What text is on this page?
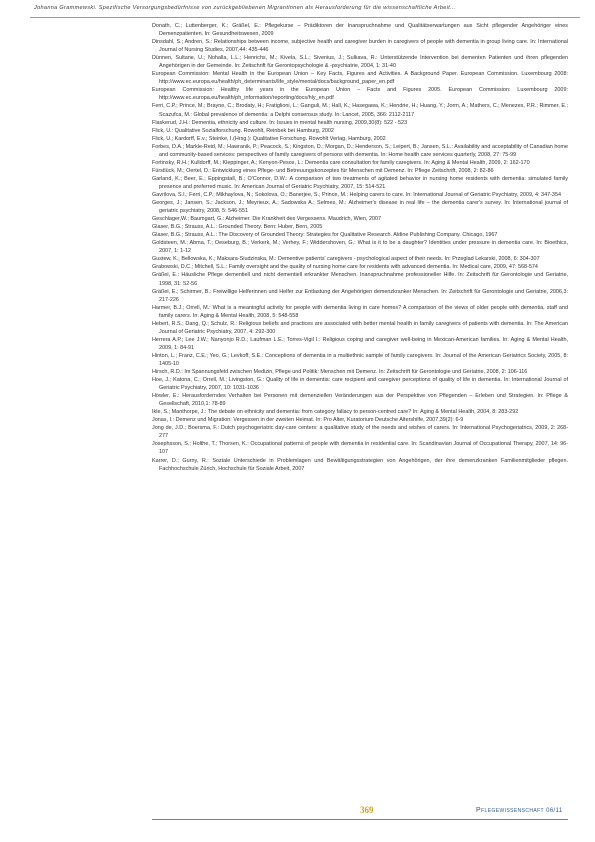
Johanna Grammewski. Spezifische Versorgungsbedürfnisse von zurückgebliebenen Migrantinnen als Herausforderung für die wissenschaftliche Arbeit...

Donath, C.; Luttenberger, K.; Gräßel, E.: Pflegekurse – Prädiktoren der Inanspruchnahme und Qualitätserwartungen aus Sicht pflegender Angehöriger eines Demenzpatienten. In: Gesundheitswesen, 2009

Dinsdahl, S.; Andren, S.: Relationships between income, subjective health and caregiver burden in caregivers of people with dementia in group living care. In: International Journal of Nursing Studies, 2007,44: 435-446

Dünnen, Sultane, U.; Nohalla, L.L.; Henrichs, M.; Kivela, S.L.; Sivenius, J.; Sulkava, R.: Unterstützende Intervention bei dementen Patienten und ihren pflegenden Angehörigen in der Gemeinde. In: Zeitschrift für Gerontopsychologie & -psychiatrie, 2004, 1: 31-40

European Commission: Mental Health in the European Union – Key Facts, Figures and Activities. A Background Paper. European Commission. Luxembourg 2008: http://www.ec.europa.eu/health/ph_determinants/life_style/mental/docs/background_paper_en.pdf

European Commission: Healthy life years in the European Union – Facts and Figures 2005. European Commission: Luxembourg 2009: http://www.ec.europa.eu/health/ph_information/reporting/docs/hly_en.pdf

Ferri, C.P.; Prince, M.; Brayne, C.; Brodaty, H.; Fratiglioni, L.; Ganguli, M.; Hall, K.; Hasegawa, K.; Hendrie, H.; Huang, Y.; Jorm, A.; Mathers, C.; Menezes, P.R.; Rimmer, E.; Scazufca, M.: Global prevalence of dementia: a Delphi consensus study. In: Lancet, 2005, 366: 2112-2117

Flaskerud, J.H.: Dementia, ethnicity and culture. In: Issues in mental health nursing, 2009,30(8): 522 - 523

Flick, U.: Qualitative Sozialforschung. Rowohlt, Reinbek bei Hamburg, 2002

Flick, U.; Kardorff, E.v.; Steinke, I.(Hrsg.): Qualitative Forschung. Rowohlt Verlag, Hamburg, 2002

Forbes, D.A.; Markle-Reid, M.; Hawranik, P.; Peacock, S.; Kingston, D.; Morgan, D.; Henderson, S.; Leipert, B.; Jansen, S.L.: Availability and acceptability of Canadian home and community-based services: perspectives of family caregivers of persons with dementia. In: Home health care services quarterly, 2008, 27: 75-99

Fortinsky, R.H.; Kulldorff, M.; Kleppinger, A.; Kenyon-Pesce, L.: Dementia care consultation for family caregivers. In: Aging & Mental Health, 2009, 2: 162-170

Fürstlück, M.; Oertel, D.: Entwicklung eines Pflege- und Betreuungskonzeptes für Menschen mit Demenz. In: Pflege Zeitschrift, 2008, 2: 82-86

Garland, K.; Beer, E.; Eppingstall, B.; O'Connor, D.W.: A comparison of two treatments of agitated behavior in nursing home residents with dementia: simulated family presence and preferred music. In: American Journal of Geriatric Psychiatry, 2007, 15: 514-521

Gavrilova, S.I.; Ferri, C.P.; Mikhaylova, N.; Sokolova, O.; Banerjee, S.; Prince, M.: Helping carers to care. In: International Journal of Geriatric Psychiatry, 2009, 4: 347-354

Georges, J.; Jansen, S.; Jackson, J.; Meyrieux, A.; Sadowska A.; Selmes, M.: Alzheimer's disease in real life – the dementia carer's survey. In: International journal of geriatric psychiatry, 2008, 5: 546-551

Geschlager,W.; Baumgart, G.: Alzheimer. Die Krankheit des Vergessens. Maudrich, Wien, 2007

Glaser, B.G.; Strauss, A.L.: Grounded Theory. Bern: Huber, Bern, 2005

Glaser, B.G.; Strauss, A.L.: The Discovery of Grounded Theory: Strategies for Qualitative Research. Aldine Publishing Company. Chicago, 1967

Goldsteen, M.; Abma, T.; Oeseburg, B.; Verkerk, M.; Verhey, F.; Widdershoven, G.: What is it to be a daughter? Identities under pressure in dementia care. In: Bioethics, 2007, 1: 1-12

Gustew, K.; Bellowska, K.; Maksara-Siudzinska, M.: Dementive patients' caregivers - psychological aspect of their needs. In: Przeglad Lekarski, 2008, 6: 304-307

Grabowski, D.C.; Mitchell, S.L.: Family oversight and the quality of nursing home care for residents with advanced dementia. In: Medical care, 2009, 47: 568-574

Gräßel, E.: Häusliche Pflege dementiell und nicht dementiell erkrankter Menschen. Inanspruchnahme professioneller Hilfe. In: Zeitschrift für Gerontologie und Geriatrie, 1998, 31: 52-56

Gräßel, E.; Schirmer, B.: Freiwillige Helferinnen und Helfer zur Entlastung der Angehörigen demenzkranker Menschen. In: Zeitschrift für Gerontologie und Geriatrie, 2006,3: 217-226

Harmer, B.J.; Orrell, M.: What is a meaningful activity for people with dementia living in care homes? A comparison of the views of older people with dementia, staff and family carers. In: Aging & Mental Health, 2008, 5: 548-558

Hebert, R.S.; Dang, Q.; Schulz, R.: Religious beliefs and practices are associated with better mental health in family caregivers of patients with dementia. In: The American Journal of Geriatric Psychiatry, 2007, 4: 292-300

Herrera A.P.; Lee J.W.; Nanyonjo R.D.; Laufman L.E.; Torres-Vigil I.: Religious coping and caregiver well-being in Mexican-American families. In: Aging & Mental Health, 2009, 1: 84-91

Hinton, L.; Franz, C.E.; Yeo, G.; Levkoff, S.E.: Conceptions of dementia in a multiethnic sample of family caregivers. In: Journal of the American Geriatrics Society, 2005, 8: 1405-10

Hirsch, R.D.: Im Spannungsfeld zwischen Medizin, Pflege und Politik: Menschen mit Demenz. In: Zeitschrift für Gerontologie und Geriatrie, 2008, 2: 106-116

Hoe, J.; Katona, C.; Orrell, M.; Livingston, G.: Quality of life in dementia: care recipient and caregiver perceptions of quality of life in dementia. In: International Journal of Geriatric Psychiatry, 2007, 10: 1031-1036

Höwler, E.: Herausforderndes Verhalten bei Personen mit demenziellen Veränderungen aus der Perspektive von Pflegenden – Erleben und Strategien. In: Pflege & Gesellschaft, 2010,1: 78-89

Ikle, S.; Manthorpe, J.: The debate on ethnicity and dementia: from category fallacy to person-centred care? In: Aging & Mental Health, 2004, 8: 283-292

Jonas, I.: Demenz und Migration: Vergessen in der zweiten Heimat. In: Pro Alter, Kuratorium Deutsche Altershilfe, 2007,39(2): 6-9

Jong de, J.D.; Boersma, F.: Dutch psychogeriatric day-care centers: a qualitative study of the needs and wishes of carers. In: International Psychogeriatrics, 2009, 2: 268-277

Josephsson, S.; Holthe, T.; Thorsen, K.: Occupational patterns of people with dementia in residential care. In: Scandinavian Journal of Occupational Therapy, 2007, 14: 96-107

Karrer, D.; Gurny, R.: Soziale Unterschiede in Problemlagen und Bewältigungsstrategien von Angehörigen, der ihre demenzkranken Familienmitglieder pflegen. Fachhochschule Zürich, Hochschule für Soziale Arbeit, 2007

369	Pflegewissenschaft 06/11
